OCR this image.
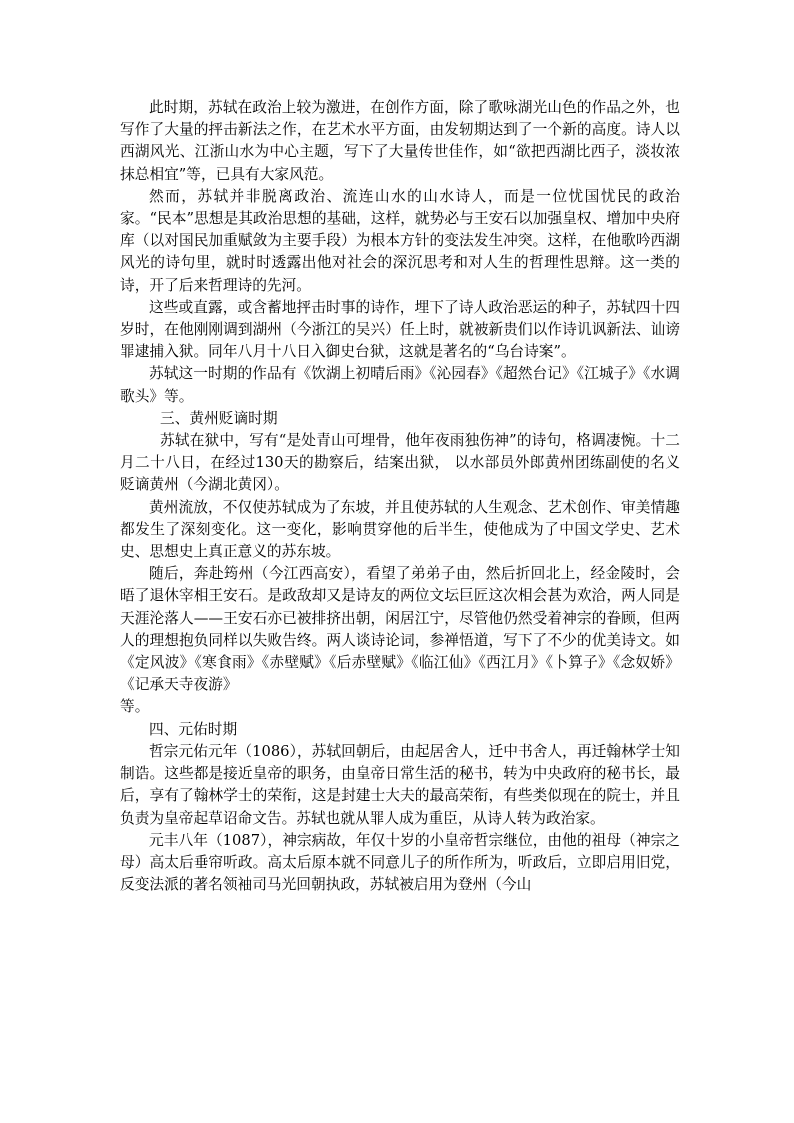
此时期，苏轼在政治上较为激进，在创作方面，除了歌咏湖光山色的作品之外，也写作了大量的抨击新法之作，在艺术水平方面，由发轫期达到了一个新的高度。诗人以西湖风光、江浙山水为中心主题，写下了大量传世佳作，如“欲把西湖比西子，淡妆浓抹总相宜”等，已具有大家风范。

然而，苏轼并非脱离政治、流连山水的山水诗人，而是一位忧国忧民的政治家。“民本”思想是其政治思想的基础，这样，就势必与王安石以加强皇权、增加中央府库（以对国民加重赋敛为主要手段）为根本方针的变法发生冲突。这样，在他歌吟西湖风光的诗句里，就时时透露出他对社会的深沉思考和对人生的哲理性思辩。这一类的诗，开了后来哲理诗的先河。

这些或直露，或含蓄地抨击时事的诗作，埋下了诗人政治恶运的种子，苏轼四十四岁时，在他刚刚调到湖州（今浙江的吴兴）任上时，就被新贵们以作诗讥讽新法、讪谤罪逮捕入狱。同年八月十八日入御史台狱，这就是著名的“乌台诗案”。

苏轼这一时期的作品有《饮湖上初晴后雨》《沁园春》《超然台记》《江城子》《水调歌头》等。

三、黄州贬谪时期

苏轼在狱中，写有“是处青山可埋骨，他年夜雨独伤神”的诗句，格调凄惋。十二月二十八日，在经过130天的勘察后，结案出狱， 以水部员外郎黄州团练副使的名义贬谪黄州（今湖北黄冈）。

黄州流放，不仅使苏轼成为了东坡，并且使苏轼的人生观念、艺术创作、审美情趣都发生了深刻变化。这一变化，影响贯穿他的后半生，使他成为了中国文学史、艺术史、思想史上真正意义的苏东坡。

随后，奔赴筠州（今江西高安），看望了弟弟子由，然后折回北上，经金陵时，会晤了退休宰相王安石。是政敌却又是诗友的两位文坛巨匠这次相会甚为欢洽，两人同是天涯沦落人——王安石亦已被排挤出朝，闲居江宁，尽管他仍然受着神宗的眷顾，但两人的理想抱负同样以失败告终。两人谈诗论词，参禅悟道，写下了不少的优美诗文。如《定风波》《寒食雨》《赤壁赋》《后赤壁赋》《临江仙》《西江月》《卜算子》《念奴娇》《记承天寺夜游》

等。

四、元佑时期

哲宗元佑元年（1086），苏轼回朝后，由起居舍人，迁中书舍人，再迁翰林学士知制诰。这些都是接近皇帝的职务，由皇帝日常生活的秘书，转为中央政府的秘书长，最后，享有了翰林学士的荣衔，这是封建士大夫的最高荣衔，有些类似现在的院士，并且负责为皇帝起草诏命文告。苏轼也就从罪人成为重臣，从诗人转为政治家。

元丰八年（1087），神宗病故，年仅十岁的小皇帝哲宗继位，由他的祖母（神宗之母）高太后垂帘听政。高太后原本就不同意儿子的所作所为，听政后，立即启用旧党，反变法派的著名领袖司马光回朝执政，苏轼被启用为登州（今山
